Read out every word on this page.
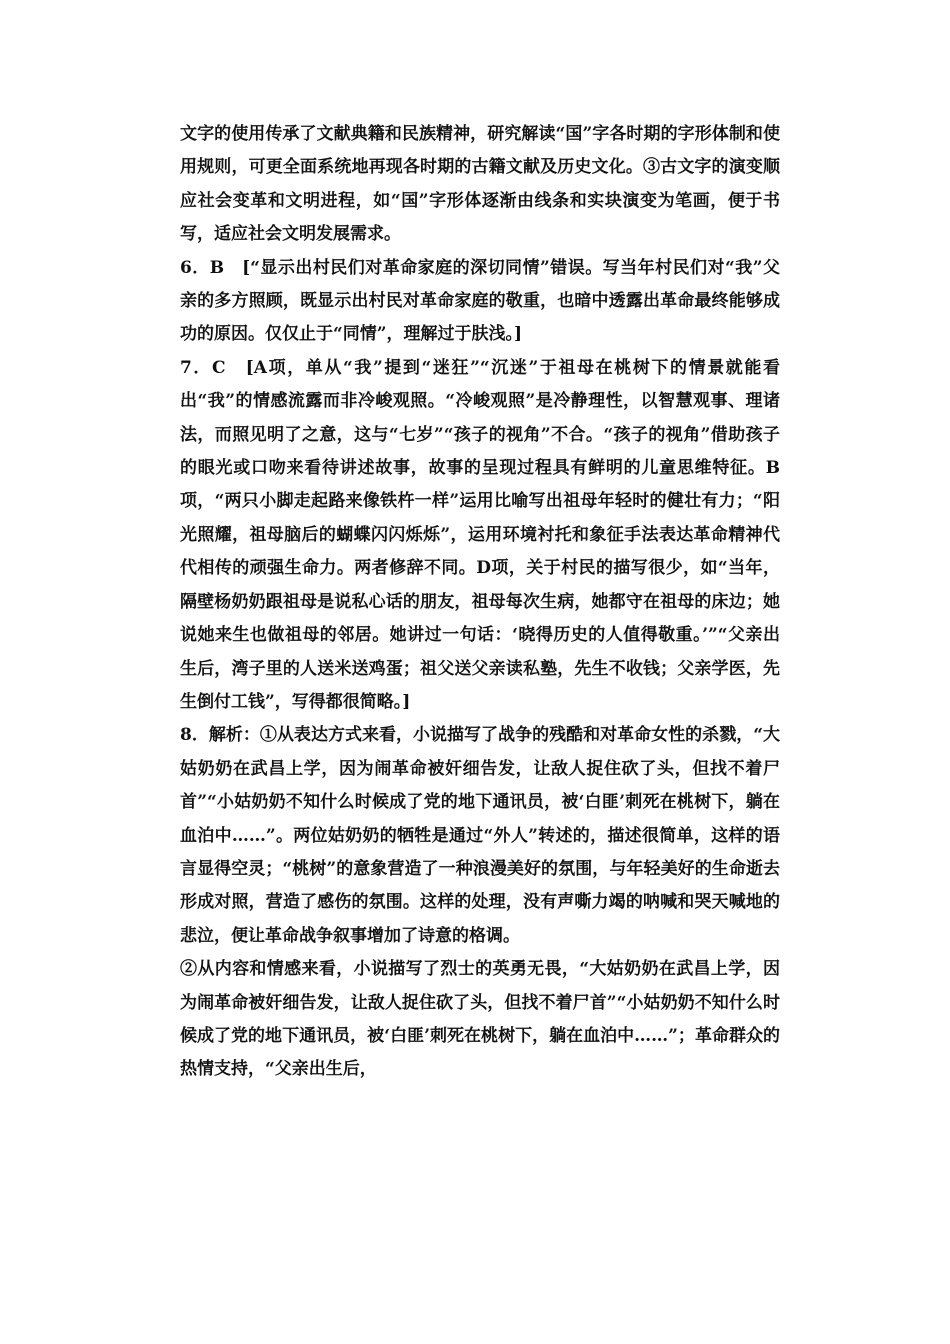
文字的使用传承了文献典籍和民族精神，研究解读“国”字各时期的字形体制和使用规则，可更全面系统地再现各时期的古籍文献及历史文化。③古文字的演变顺应社会变革和文明进程，如“国”字形体逐渐由线条和实块演变为笔画，便于书写，适应社会文明发展需求。

6．B　[“显示出村民们对革命家庭的深切同情”错误。写当年村民们对“我”父亲的多方照顾，既显示出村民对革命家庭的敬重，也暗中透露出革命最终能够成功的原因。仅仅止于“同情”，理解过于肤浅。]

7．C　[A项，单从“我”提到“迷狂”“沉迷”于祖母在桃树下的情景就能看出“我”的情感流露而非冷峻观照。“冷峻观照”是冷静理性，以智慧观事、理诸法，而照见明了之意，这与“七岁”“孩子的视角”不合。“孩子的视角”借助孩子的眼光或口吻来看待讲述故事，故事的呈现过程具有鲜明的儿童思维特征。B项，“两只小脚走起路来像铁杵一样”运用比喻写出祖母年轻时的健壮有力；“阳光照耀，祖母脑后的蝴蝶闪闪烁烁”，运用环境衬托和象征手法表达革命精神代代相传的顽强生命力。两者修辞不同。D项，关于村民的描写很少，如“当年，隔壁杨奶奶跟祖母是说私心话的朋友，祖母每次生病，她都守在祖母的床边；她说她来生也做祖母的邻居。她讲过一句话：‘晓得历史的人值得敬重。’”“父亲出生后，湾子里的人送米送鸡蛋；祖父送父亲读私塾，先生不收钱；父亲学医，先生倒付工钱”，写得都很简略。]

8．解析：①从表达方式来看，小说描写了战争的残酷和对革命女性的杀戮，“大姑奶奶在武昌上学，因为闹革命被奸细告发，让敌人捉住砍了头，但找不着尸首”“小姑奶奶不知什么时候成了党的地下通讯员，被‘白匪’刺死在桃树下，躺在血泊中……”。两位姑奶奶的牺牲是通过“外人”转述的，描述很简单，这样的语言显得空灵；“桃树”的意象营造了一种浪漫美好的氛围，与年轻美好的生命逝去形成对照，营造了感伤的氛围。这样的处理，没有声嘶力竭的呐喊和哭天喊地的悲泣，便让革命战争叙事增加了诗意的格调。

②从内容和情感来看，小说描写了烈士的英勇无畏，“大姑奶奶在武昌上学，因为闹革命被奸细告发，让敌人捉住砍了头，但找不着尸首”“小姑奶奶不知什么时候成了党的地下通讯员，被‘白匪’刺死在桃树下，躺在血泊中……”；革命群众的热情支持，“父亲出生后，
